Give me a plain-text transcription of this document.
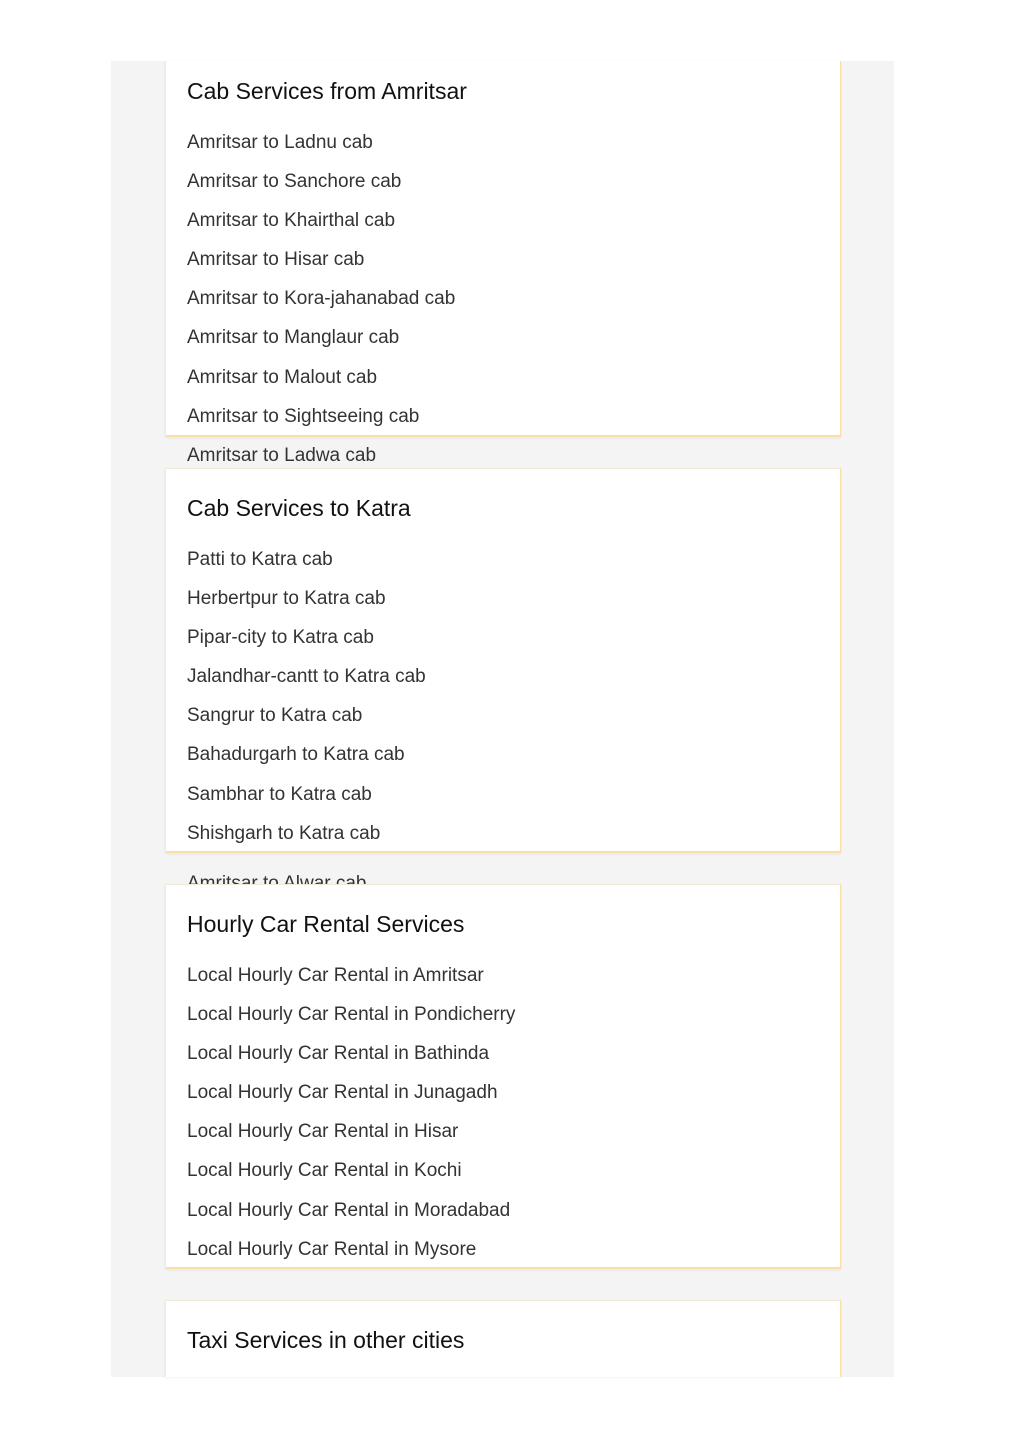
Cab Services from Amritsar
Amritsar to Ladnu cab
Amritsar to Sanchore cab
Amritsar to Khairthal cab
Amritsar to Hisar cab
Amritsar to Kora-jahanabad cab
Amritsar to Manglaur cab
Amritsar to Malout cab
Amritsar to Sightseeing cab
Amritsar to Ladwa cab
Cab Services to Katra
Patti to Katra cab
Herbertpur to Katra cab
Pipar-city to Katra cab
Jalandhar-cantt to Katra cab
Sangrur to Katra cab
Bahadurgarh to Katra cab
Sambhar to Katra cab
Shishgarh to Katra cab
Hourly Car Rental Services
Local Hourly Car Rental in Amritsar
Local Hourly Car Rental in Pondicherry
Local Hourly Car Rental in Bathinda
Local Hourly Car Rental in Junagadh
Local Hourly Car Rental in Hisar
Local Hourly Car Rental in Kochi
Local Hourly Car Rental in Moradabad
Local Hourly Car Rental in Mysore
Taxi Services in other cities
